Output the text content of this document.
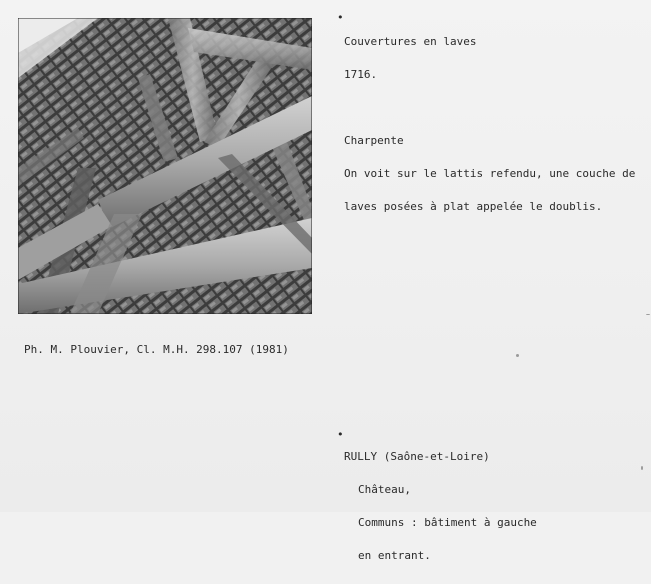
•

Couvertures en laves

1716.

Charpente

On voit sur le lattis refendu, une couche de

laves posées à plat appelée le doublis.

Ph. M. Plouvier, Cl. M.H. 298.107 (1981)
•

RULLY (Saône-et-Loire)

Château,

Communs : bâtiment à gauche

en entrant.
